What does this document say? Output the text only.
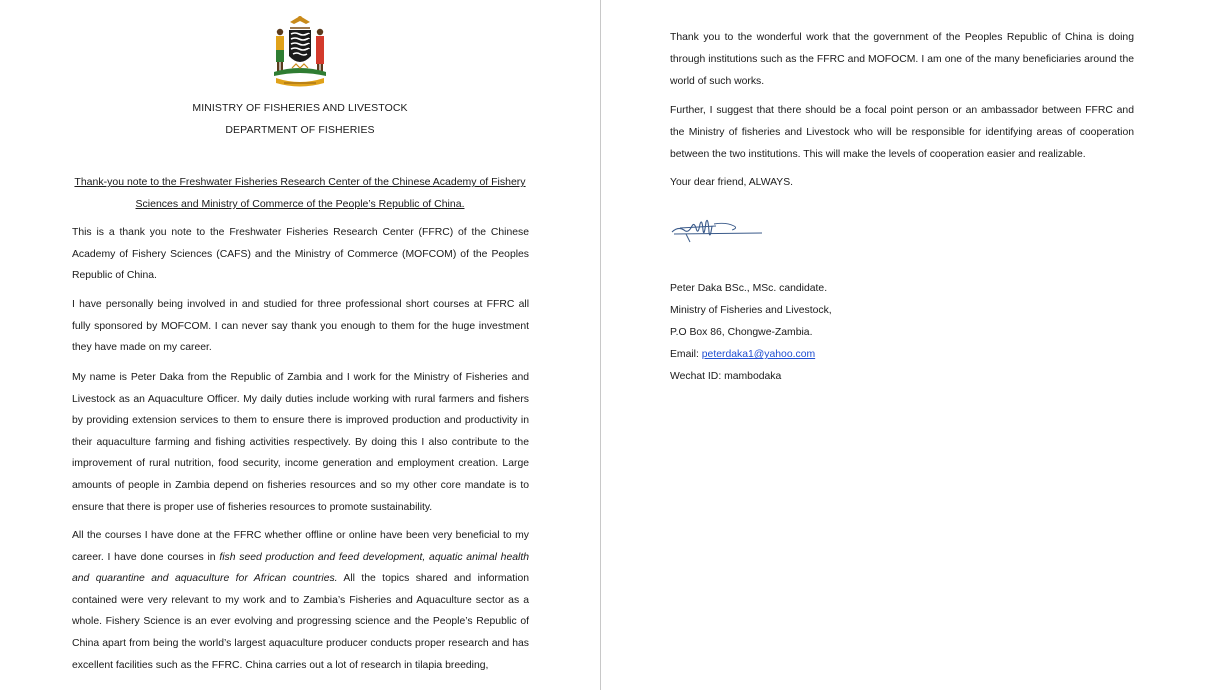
MINISTRY OF FISHERIES AND LIVESTOCK
DEPARTMENT OF FISHERIES
Thank-you note to the Freshwater Fisheries Research Center of the Chinese Academy of Fishery
Sciences and Ministry of Commerce of the People’s Republic of China.

This is a thank you note to the Freshwater Fisheries Research Center (FFRC) of the Chinese Academy of Fishery Sciences (CAFS) and the Ministry of Commerce (MOFCOM) of the Peoples Republic of China.

I have personally being involved in and studied for three professional short courses at FFRC all fully sponsored by MOFCOM. I can never say thank you enough to them for the huge investment they have made on my career.

My name is Peter Daka from the Republic of Zambia and I work for the Ministry of Fisheries and Livestock as an Aquaculture Officer. My daily duties include working with rural farmers and fishers by providing extension services to them to ensure there is improved production and productivity in their aquaculture farming and fishing activities respectively. By doing this I also contribute to the improvement of rural nutrition, food security, income generation and employment creation. Large amounts of people in Zambia depend on fisheries resources and so my other core mandate is to ensure that there is proper use of fisheries resources to promote sustainability.

All the courses I have done at the FFRC whether offline or online have been very beneficial to my career. I have done courses in fish seed production and feed development, aquatic animal health and quarantine and aquaculture for African countries. All the topics shared and information contained were very relevant to my work and to Zambia’s Fisheries and Aquaculture sector as a whole. Fishery Science is an ever evolving and progressing science and the People’s Republic of China apart from being the world’s largest aquaculture producer conducts proper research and has excellent facilities such as the FFRC. China carries out a lot of research in tilapia breeding,

Thank you to the wonderful work that the government of the Peoples Republic of China is doing through institutions such as the FFRC and MOFOCM. I am one of the many beneficiaries around the world of such works.

Further, I suggest that there should be a focal point person or an ambassador between FFRC and the Ministry of fisheries and Livestock who will be responsible for identifying areas of cooperation between the two institutions. This will make the levels of cooperation easier and realizable.

Your dear friend, ALWAYS.

Peter Daka BSc., MSc. candidate.
Ministry of Fisheries and Livestock,
P.O Box 86, Chongwe-Zambia.
Email: peterdaka1@yahoo.com
Wechat ID: mambodaka
